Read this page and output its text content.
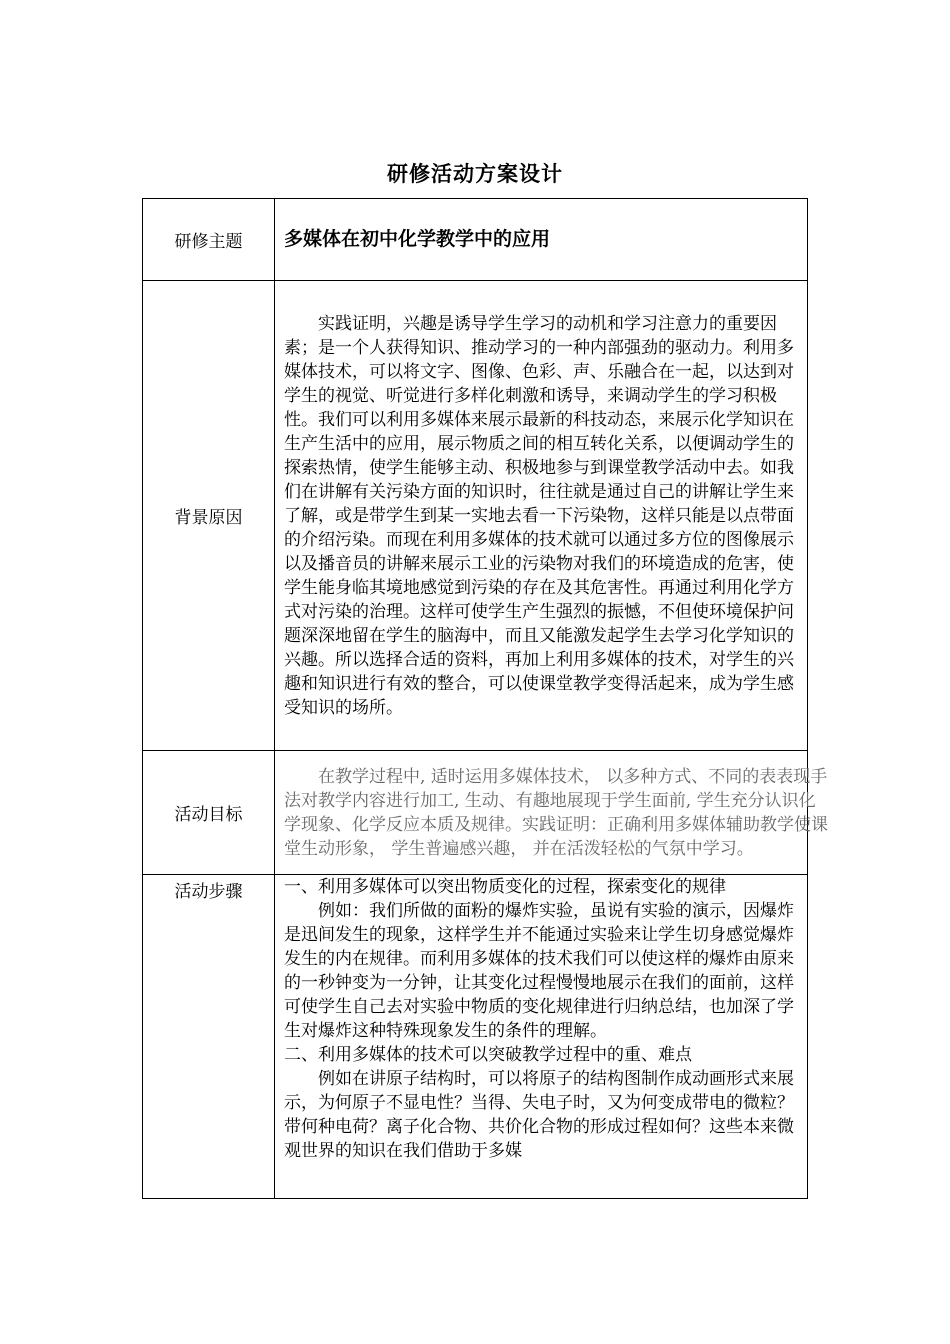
研修活动方案设计
研修主题	多媒体在初中化学教学中的应用
背景原因	实践证明，兴趣是诱导学生学习的动机和学习注意力的重要因素；是一个人获得知识、推动学习的一种内部强劲的驱动力。利用多媒体技术，可以将文字、图像、色彩、声、乐融合在一起，以达到对学生的视觉、听觉进行多样化刺激和诱导，来调动学生的学习积极性。我们可以利用多媒体来展示最新的科技动态，来展示化学知识在生产生活中的应用，展示物质之间的相互转化关系，以便调动学生的探索热情，使学生能够主动、积极地参与到课堂教学活动中去。如我们在讲解有关污染方面的知识时，往往就是通过自己的讲解让学生来了解，或是带学生到某一实地去看一下污染物，这样只能是以点带面的介绍污染。而现在利用多媒体的技术就可以通过多方位的图像展示以及播音员的讲解来展示工业的污染物对我们的环境造成的危害，使学生能身临其境地感觉到污染的存在及其危害性。再通过利用化学方式对污染的治理。这样可使学生产生强烈的振憾，不但使环境保护问题深深地留在学生的脑海中，而且又能激发起学生去学习化学知识的兴趣。所以选择合适的资料，再加上利用多媒体的技术，对学生的兴趣和知识进行有效的整合，可以使课堂教学变得活起来，成为学生感受知识的场所。

活动目标	在教学过程中, 适时运用多媒体技术， 以多种方式、不同的表表现手法对教学内容进行加工, 生动、有趣地展现于学生面前, 学生充分认识化学现象、化学反应本质及规律。实践证明：正确利用多媒体辅助教学使课堂生动形象， 学生普遍感兴趣， 并在活泼轻松的气氛中学习。

活动步骤	一、利用多媒体可以突出物质变化的过程，探索变化的规律

例如：我们所做的面粉的爆炸实验，虽说有实验的演示，因爆炸是迅间发生的现象，这样学生并不能通过实验来让学生切身感觉爆炸发生的内在规律。而利用多媒体的技术我们可以使这样的爆炸由原来的一秒钟变为一分钟，让其变化过程慢慢地展示在我们的面前，这样可使学生自己去对实验中物质的变化规律进行归纳总结，也加深了学生对爆炸这种特殊现象发生的条件的理解。

二、利用多媒体的技术可以突破教学过程中的重、难点

例如在讲原子结构时，可以将原子的结构图制作成动画形式来展示，为何原子不显电性？当得、失电子时，又为何变成带电的微粒？带何种电荷？离子化合物、共价化合物的形成过程如何？这些本来微观世界的知识在我们借助于多媒
